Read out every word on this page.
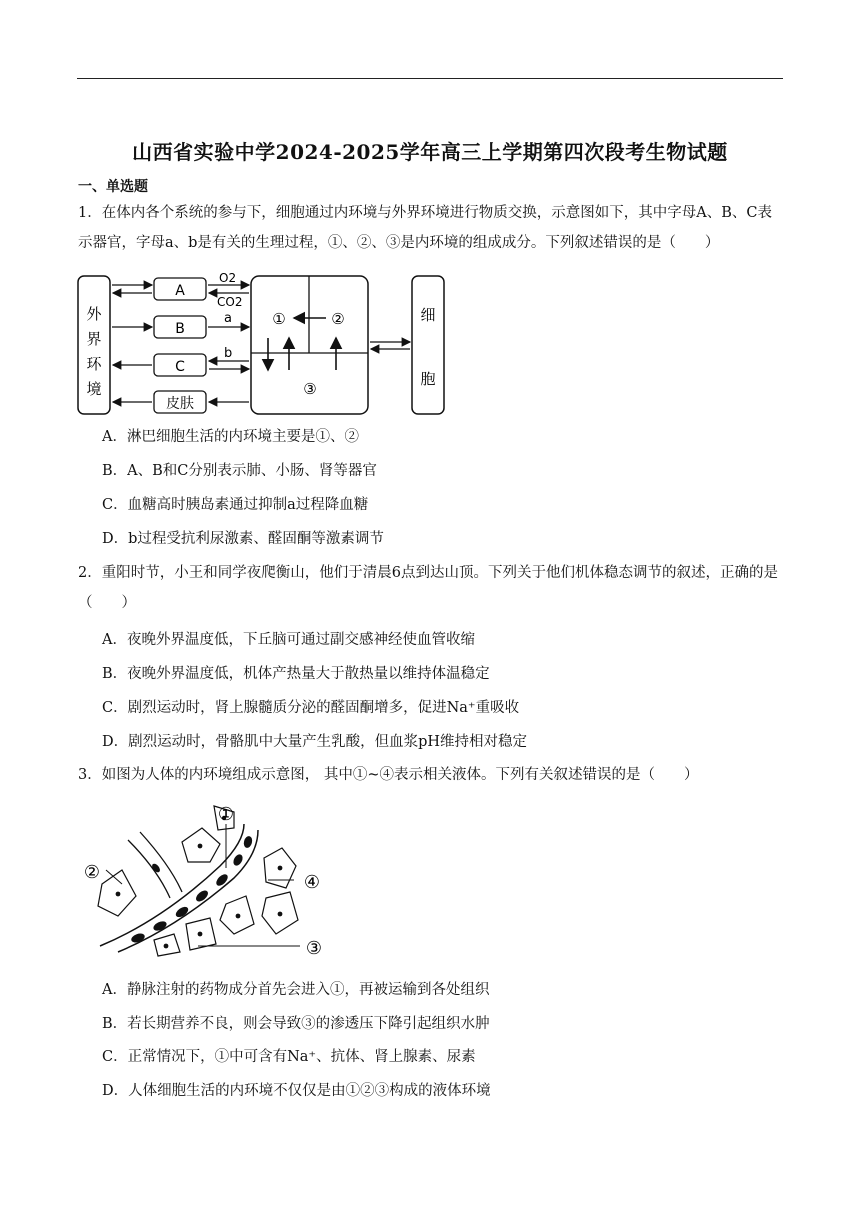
山西省实验中学2024-2025学年高三上学期第四次段考生物试题
一、单选题
1．在体内各个系统的参与下，细胞通过内环境与外界环境进行物质交换，示意图如下，其中字母A、B、C表示器官，字母a、b是有关的生理过程，①、②、③是内环境的组成成分。下列叙述错误的是（　　）
外
界
环
境
A
B
C
皮肤
O2
CO2
a
b
①	②
③
细
胞
A．淋巴细胞生活的内环境主要是①、②
B．A、B和C分别表示肺、小肠、肾等器官
C．血糖高时胰岛素通过抑制a过程降血糖
D．b过程受抗利尿激素、醛固酮等激素调节
2．重阳时节，小王和同学夜爬衡山，他们于清晨6点到达山顶。下列关于他们机体稳态调节的叙述，正确的是（　　）
A．夜晚外界温度低，下丘脑可通过副交感神经使血管收缩
B．夜晚外界温度低，机体产热量大于散热量以维持体温稳定
C．剧烈运动时，肾上腺髓质分泌的醛固酮增多，促进Na⁺重吸收
D．剧烈运动时，骨骼肌中大量产生乳酸，但血浆pH维持相对稳定
3．如图为人体的内环境组成示意图， 其中①~④表示相关液体。下列有关叙述错误的是（　　）
①
②
③
④
A．静脉注射的药物成分首先会进入①，再被运输到各处组织
B．若长期营养不良，则会导致③的渗透压下降引起组织水肿
C．正常情况下，①中可含有Na⁺、抗体、肾上腺素、尿素
D．人体细胞生活的内环境不仅仅是由①②③构成的液体环境
